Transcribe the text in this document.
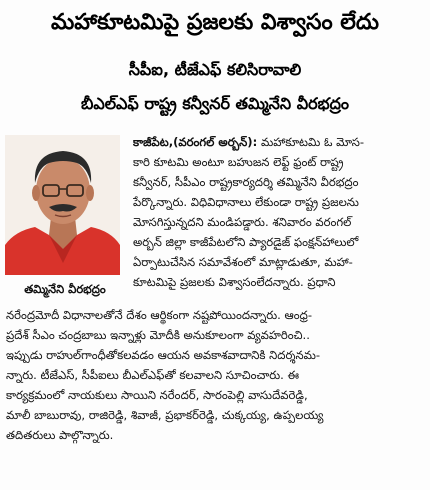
మహాకూటమిపై ప్రజలకు విశ్వాసం లేదు
సీపీఐ, టీజేఎఫ్ కలిసిరావాలి
బీఎల్ఎఫ్ రాష్ట్ర కన్వీనర్ తమ్మినేని వీరభద్రం
తమ్మినేని వీరభద్రం
కాజీపేట,(వరంగల్ అర్బన్): మహాకూటమి ఓ మోస-
కారి కూటమి అంటూ బహుజన లెఫ్ట్ ఫ్రంట్ రాష్ట్ర
కన్వీనర్, సీపీఎం రాష్ట్రకార్యదర్శి తమ్మినేని వీరభద్రం
పేర్కొన్నారు. విధివిధానాలు లేకుండా రాష్ట్ర ప్రజలను
మోసగిస్తున్నదని మండిపడ్డారు. శనివారం వరంగల్
అర్బన్ జిల్లా కాజీపేటలోని ప్యారడైజ్ ఫంక్షన్‌హాలులో
ఏర్పాటుచేసిన సమావేశంలో మాట్లాడుతూ, మహా-
కూటమిపై ప్రజలకు విశ్వాసంలేదన్నారు. ప్రధాని
నరేంద్రమోదీ విధానాలతోనే దేశం ఆర్థికంగా నష్టపోయిందన్నారు. ఆంధ్ర-
ప్రదేశ్ సీఎం చంద్రబాబు ఇన్నాళ్లు మోదీకి అనుకూలంగా వ్యవహరించి..
ఇప్పుడు రాహుల్‌గాంధీతోకలవడం ఆయన అవకాశవాదానికి నిదర్శనమ-
న్నారు. టీజేఎస్, సీపీఐలు బీఎల్ఎఫ్‌తో కలవాలని సూచించారు. ఈ
కార్యక్రమంలో నాయకులు సాయిని నరేందర్, సారంపెల్లి వాసుదేవరెడ్డి,
మాలీ బాబురావు, రాజిరెడ్డి, శివాజీ, ప్రభాకర్‌రెడ్డి, చుక్కయ్య, ఉప్పలయ్య
తదితరులు పాల్గొన్నారు.
